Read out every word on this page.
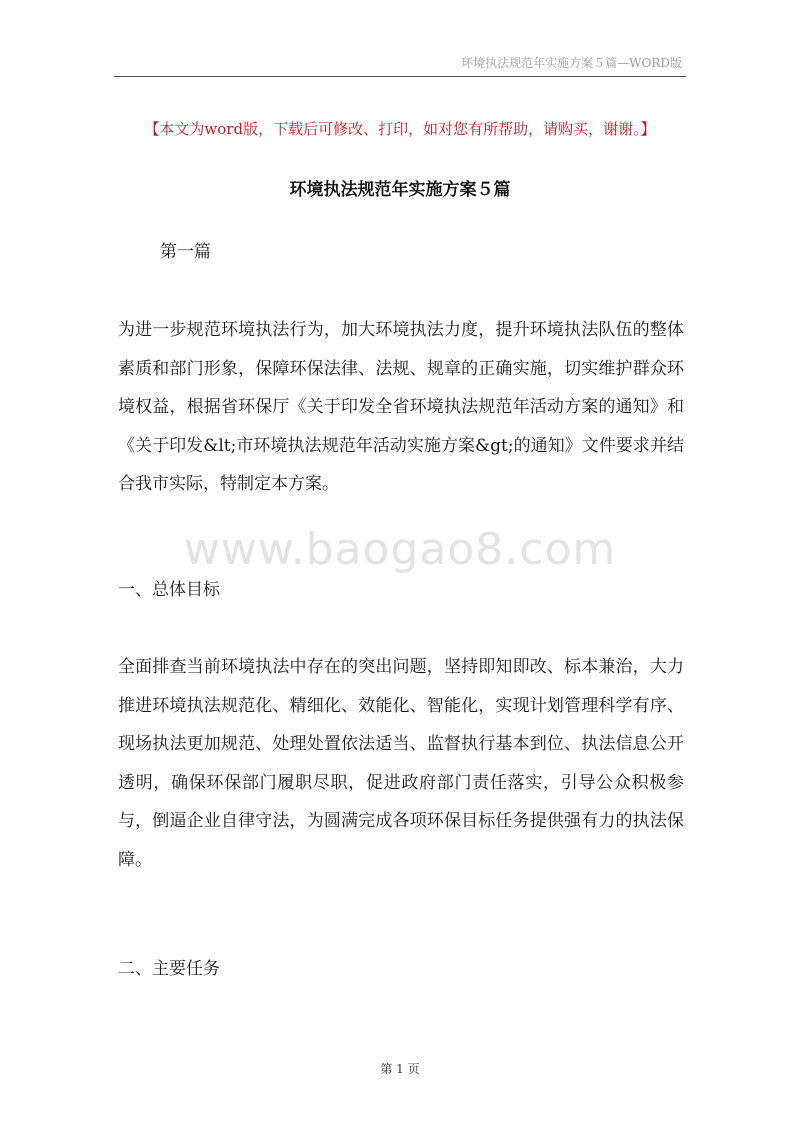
环境执法规范年实施方案５篇—WORD版
【本文为word版，下载后可修改、打印，如对您有所帮助，请购买，谢谢。】
环境执法规范年实施方案５篇
第一篇

为进一步规范环境执法行为，加大环境执法力度，提升环境执法队伍的整体素质和部门形象，保障环保法律、法规、规章的正确实施，切实维护群众环境权益，根据省环保厅《关于印发全省环境执法规范年活动方案的通知》和《关于印发&lt;市环境执法规范年活动实施方案&gt;的通知》文件要求并结合我市实际，特制定本方案。

www.baogao8.com
一、总体目标

全面排查当前环境执法中存在的突出问题，坚持即知即改、标本兼治，大力推进环境执法规范化、精细化、效能化、智能化，实现计划管理科学有序、现场执法更加规范、处理处置依法适当、监督执行基本到位、执法信息公开透明，确保环保部门履职尽职，促进政府部门责任落实，引导公众积极参与，倒逼企业自律守法，为圆满完成各项环保目标任务提供强有力的执法保障。

二、主要任务
第 1 页
